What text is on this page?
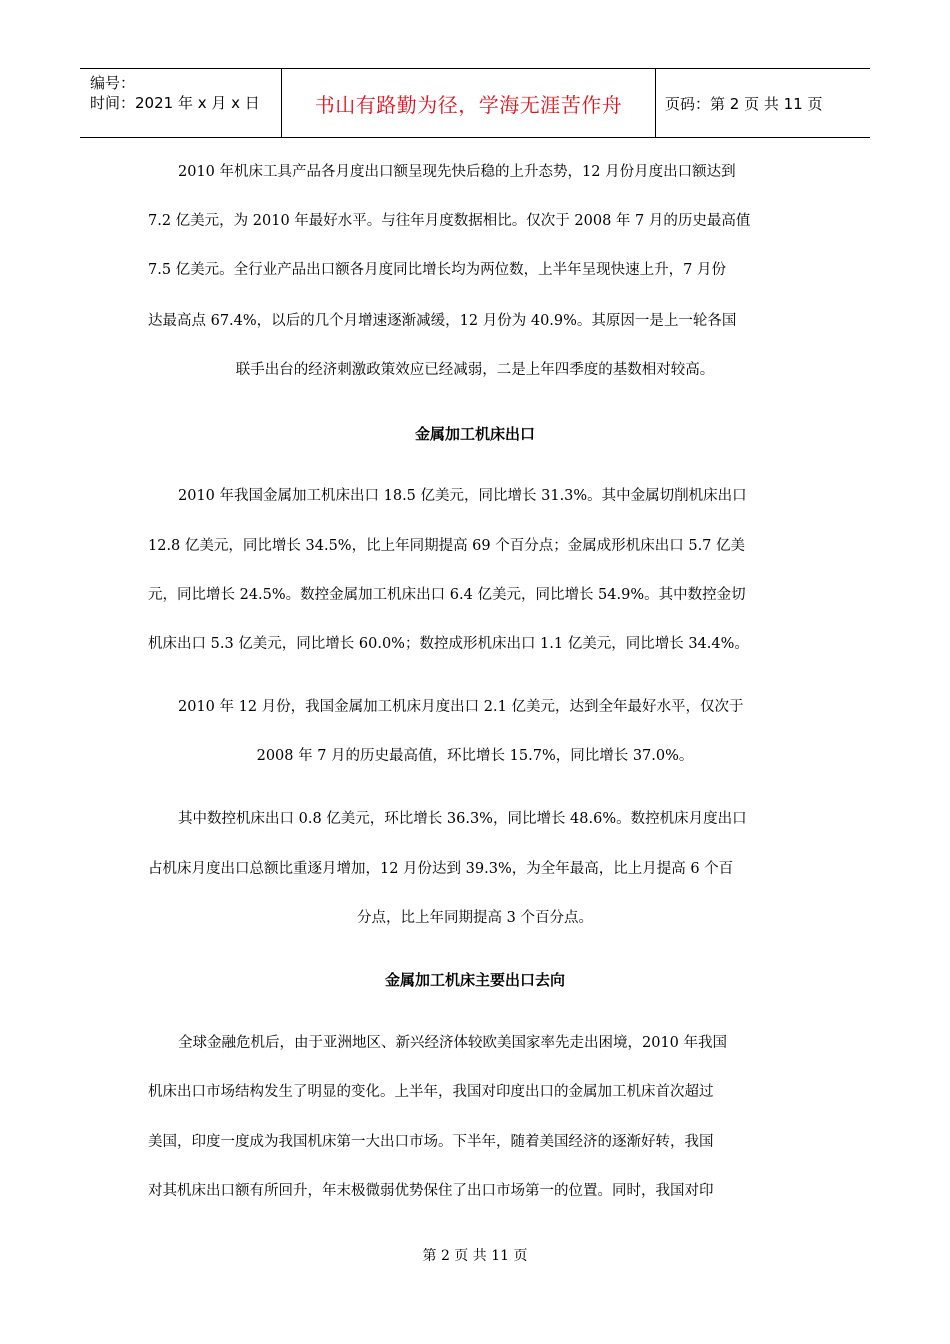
编号：
时间：2021 年 x 月 x 日	书山有路勤为径，学海无涯苦作舟	页码：第 2 页 共 11 页
2010 年机床工具产品各月度出口额呈现先快后稳的上升态势，12 月份月度出口额达到
7.2 亿美元，为 2010 年最好水平。与往年月度数据相比。仅次于 2008 年 7 月的历史最高值
7.5 亿美元。全行业产品出口额各月度同比增长均为两位数，上半年呈现快速上升，7 月份
达最高点 67.4%，以后的几个月增速逐渐减缓，12 月份为 40.9%。其原因一是上一轮各国
联手出台的经济刺激政策效应已经减弱，二是上年四季度的基数相对较高。
金属加工机床出口
2010 年我国金属加工机床出口 18.5 亿美元，同比增长 31.3%。其中金属切削机床出口
12.8 亿美元，同比增长 34.5%，比上年同期提高 69 个百分点；金属成形机床出口 5.7 亿美
元，同比增长 24.5%。数控金属加工机床出口 6.4 亿美元，同比增长 54.9%。其中数控金切
机床出口 5.3 亿美元，同比增长 60.0%；数控成形机床出口 1.1 亿美元，同比增长 34.4%。
2010 年 12 月份，我国金属加工机床月度出口 2.1 亿美元，达到全年最好水平，仅次于
2008 年 7 月的历史最高值，环比增长 15.7%，同比增长 37.0%。
其中数控机床出口 0.8 亿美元，环比增长 36.3%，同比增长 48.6%。数控机床月度出口
占机床月度出口总额比重逐月增加，12 月份达到 39.3%，为全年最高，比上月提高 6 个百
分点，比上年同期提高 3 个百分点。
金属加工机床主要出口去向
全球金融危机后，由于亚洲地区、新兴经济体较欧美国家率先走出困境，2010 年我国
机床出口市场结构发生了明显的变化。上半年，我国对印度出口的金属加工机床首次超过
美国，印度一度成为我国机床第一大出口市场。下半年，随着美国经济的逐渐好转，我国
对其机床出口额有所回升，年末极微弱优势保住了出口市场第一的位置。同时，我国对印
第 2 页 共 11 页
